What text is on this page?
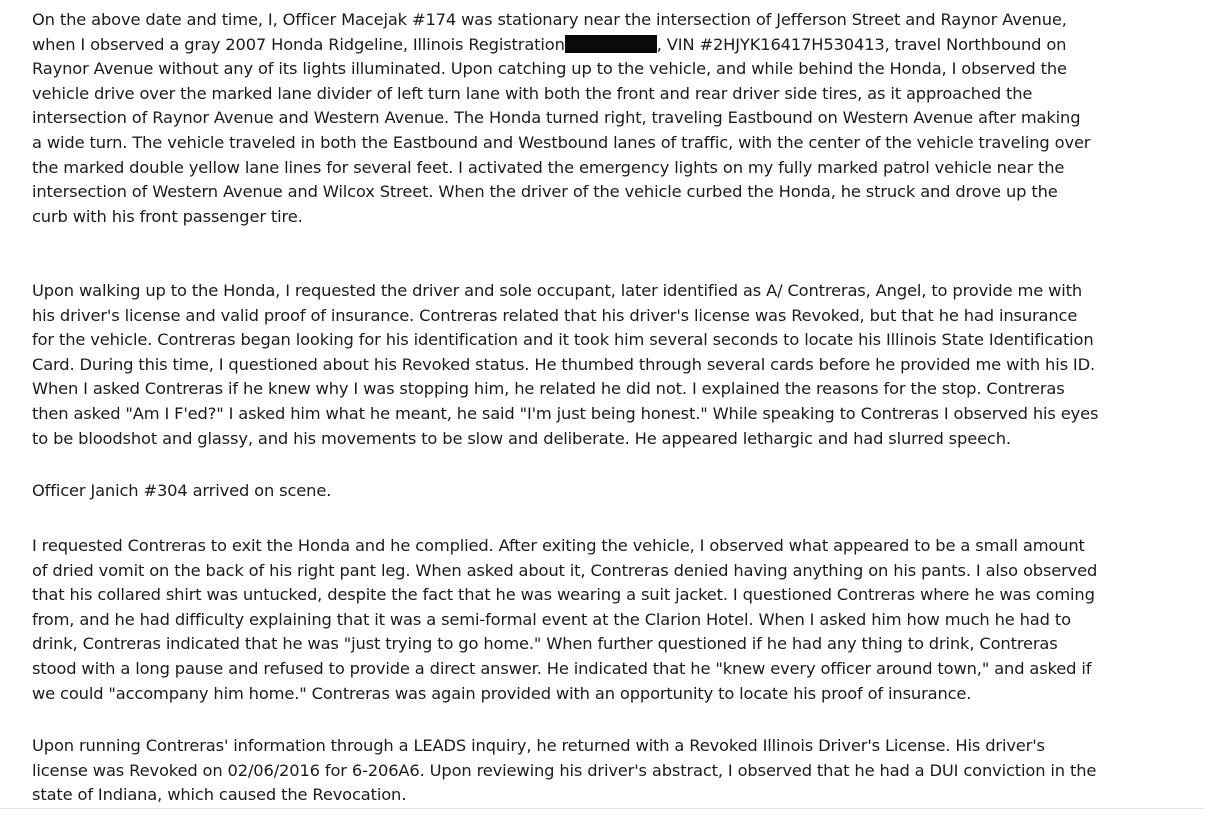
On the above date and time, I, Officer Macejak #174 was stationary near the intersection of Jefferson Street and Raynor Avenue,
when I observed a gray 2007 Honda Ridgeline, Illinois Registration	, VIN #2HJYK16417H530413, travel Northbound on
Raynor Avenue without any of its lights illuminated. Upon catching up to the vehicle, and while behind the Honda, I observed the
vehicle drive over the marked lane divider of left turn lane with both the front and rear driver side tires, as it approached the
intersection of Raynor Avenue and Western Avenue. The Honda turned right, traveling Eastbound on Western Avenue after making
a wide turn. The vehicle traveled in both the Eastbound and Westbound lanes of traffic, with the center of the vehicle traveling over
the marked double yellow lane lines for several feet. I activated the emergency lights on my fully marked patrol vehicle near the
intersection of Western Avenue and Wilcox Street. When the driver of the vehicle curbed the Honda, he struck and drove up the
curb with his front passenger tire.
Upon walking up to the Honda, I requested the driver and sole occupant, later identified as A/ Contreras, Angel, to provide me with
his driver's license and valid proof of insurance. Contreras related that his driver's license was Revoked, but that he had insurance
for the vehicle. Contreras began looking for his identification and it took him several seconds to locate his Illinois State Identification
Card. During this time, I questioned about his Revoked status. He thumbed through several cards before he provided me with his ID.
When I asked Contreras if he knew why I was stopping him, he related he did not. I explained the reasons for the stop. Contreras
then asked "Am I F'ed?" I asked him what he meant, he said "I'm just being honest." While speaking to Contreras I observed his eyes
to be bloodshot and glassy, and his movements to be slow and deliberate. He appeared lethargic and had slurred speech.
Officer Janich #304 arrived on scene.
I requested Contreras to exit the Honda and he complied. After exiting the vehicle, I observed what appeared to be a small amount
of dried vomit on the back of his right pant leg. When asked about it, Contreras denied having anything on his pants. I also observed
that his collared shirt was untucked, despite the fact that he was wearing a suit jacket. I questioned Contreras where he was coming
from, and he had difficulty explaining that it was a semi-formal event at the Clarion Hotel. When I asked him how much he had to
drink, Contreras indicated that he was "just trying to go home." When further questioned if he had any thing to drink, Contreras
stood with a long pause and refused to provide a direct answer. He indicated that he "knew every officer around town," and asked if
we could "accompany him home." Contreras was again provided with an opportunity to locate his proof of insurance.
Upon running Contreras' information through a LEADS inquiry, he returned with a Revoked Illinois Driver's License. His driver's
license was Revoked on 02/06/2016 for 6-206A6. Upon reviewing his driver's abstract, I observed that he had a DUI conviction in the
state of Indiana, which caused the Revocation.
